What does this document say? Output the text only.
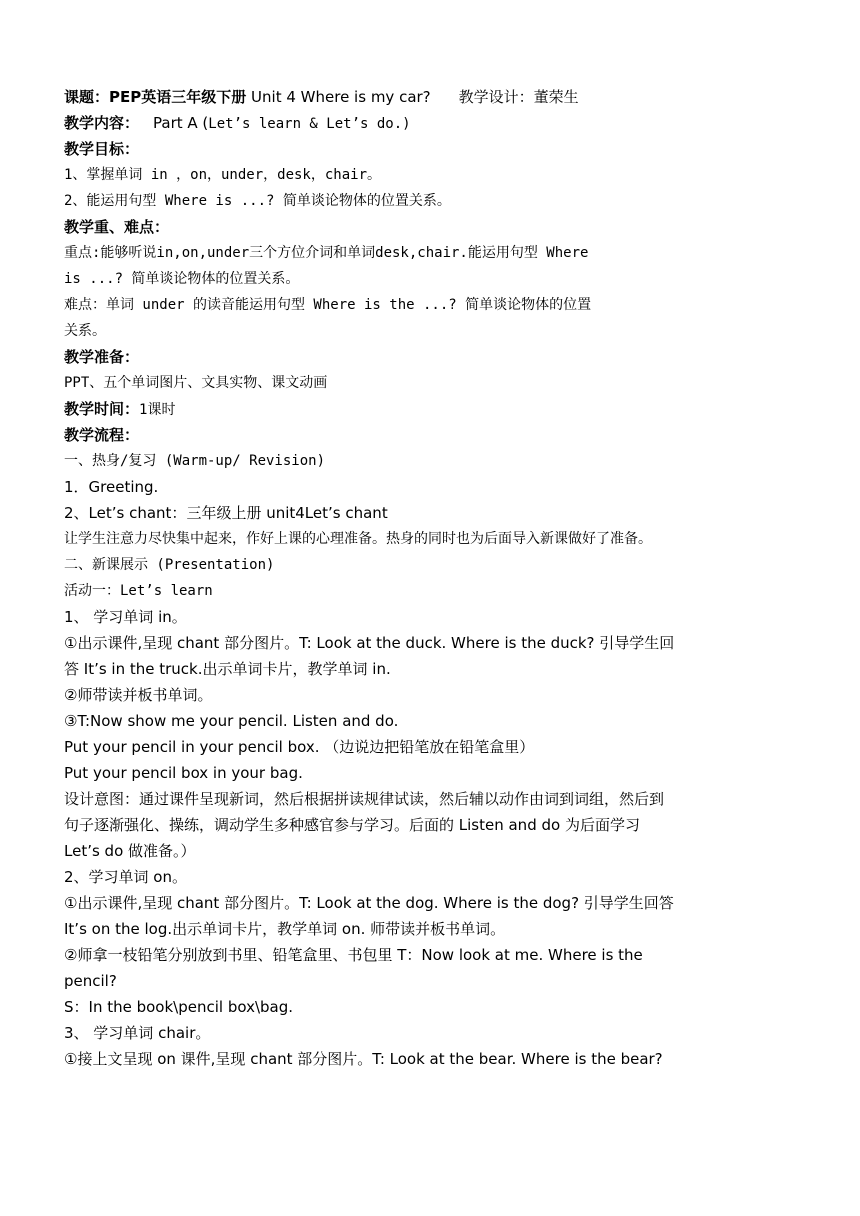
课题：PEP英语三年级下册 Unit 4 Where is my car? 教学设计：董荣生
教学内容： Part A (Let’s learn & Let’s do.)
教学目标：
1、掌握单词 in ，on，under，desk，chair。
2、能运用句型 Where is ...? 简单谈论物体的位置关系。
教学重、难点：
重点:能够听说in,on,under三个方位介词和单词desk,chair.能运用句型 Where
is ...? 简单谈论物体的位置关系。
难点：单词 under 的读音能运用句型 Where is the ...? 简单谈论物体的位置
关系。
教学准备：
PPT、五个单词图片、文具实物、课文动画
教学时间：1课时
教学流程：
一、热身/复习 (Warm-up/ Revision)
1．Greeting.
2、Let’s chant：三年级上册 unit4Let’s chant
让学生注意力尽快集中起来，作好上课的心理准备。热身的同时也为后面导入新课做好了准备。
二、新课展示 (Presentation)
活动一：Let’s learn
1、 学习单词 in。
①出示课件,呈现 chant 部分图片。T: Look at the duck. Where is the duck? 引导学生回答 It’s in the truck.出示单词卡片，教学单词 in.
②师带读并板书单词。
③T:Now show me your pencil. Listen and do.
Put your pencil in your pencil box. （边说边把铅笔放在铅笔盒里）
Put your pencil box in your bag.
设计意图：通过课件呈现新词，然后根据拼读规律试读，然后辅以动作由词到词组，然后到句子逐渐强化、操练，调动学生多种感官参与学习。后面的 Listen and do 为后面学习 Let’s do 做准备。）
2、学习单词 on。
①出示课件,呈现 chant 部分图片。T: Look at the dog. Where is the dog? 引导学生回答 It’s on the log.出示单词卡片，教学单词 on. 师带读并板书单词。
②师拿一枝铅笔分别放到书里、铅笔盒里、书包里 T：Now look at me. Where is the pencil?
S：In the book\pencil box\bag.
3、 学习单词 chair。
①接上文呈现 on 课件,呈现 chant 部分图片。T: Look at the bear. Where is the bear?
